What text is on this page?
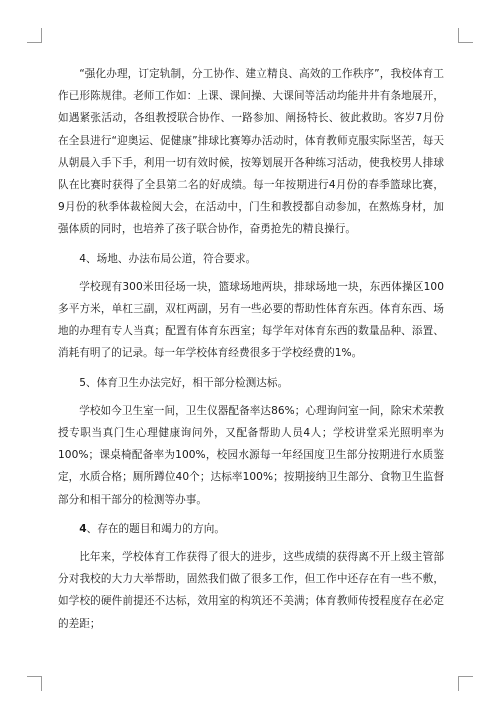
“强化办理，订定轨制，分工协作、建立精良、高效的工作秩序”，我校体育工作已形陈规律。老师工作如：上课、课间操、大课间等活动均能井井有条地展开，如遇紧张活动，各组教授联合协作、一路参加、阐扬特长、彼此救助。客岁7月份在全县进行“迎奥运、促健康”排球比赛筹办活动时，体育教师克服实际坚苦，每天从朝晨入手下手，利用一切有效时候，按筹划展开各种练习活动，使我校男人排球队在比赛时获得了全县第二名的好成绩。每一年按期进行4月份的春季篮球比赛，9月份的秋季体裁检阅大会，在活动中，门生和教授都自动参加，在熬炼身材，加强体质的同时，也培养了孩子联合协作，奋勇抢先的精良操行。

4、场地、办法布局公道，符合要求。

学校现有300米田径场一块，篮球场地两块，排球场地一块，东西体操区100多平方米，单杠三副，双杠两副，另有一些必要的帮助性体育东西。体育东西、场地的办理有专人当真；配置有体育东西室；每学年对体育东西的数量品种、添置、消耗有明了的记录。每一年学校体育经费很多于学校经费的1%。

5、体育卫生办法完好，相干部分检测达标。

学校如今卫生室一间，卫生仪器配备率达86%；心理询问室一间，除宋术荣教授专职当真门生心理健康询问外，又配备帮助人员4人；学校讲堂采光照明率为100%；课桌椅配备率为100%，校园水源每一年经国度卫生部分按期进行水质鉴定，水质合格；厕所蹲位40个；达标率100%；按期接纳卫生部分、食物卫生监督部分和相干部分的检测等办事。

4、存在的题目和竭力的方向。

比年来，学校体育工作获得了很大的进步，这些成绩的获得离不开上级主管部分对我校的大力大举帮助，固然我们做了很多工作，但工作中还存在有一些不敷，如学校的硬件前提还不达标，效用室的构筑还不美满；体育教师传授程度存在必定的差距；
